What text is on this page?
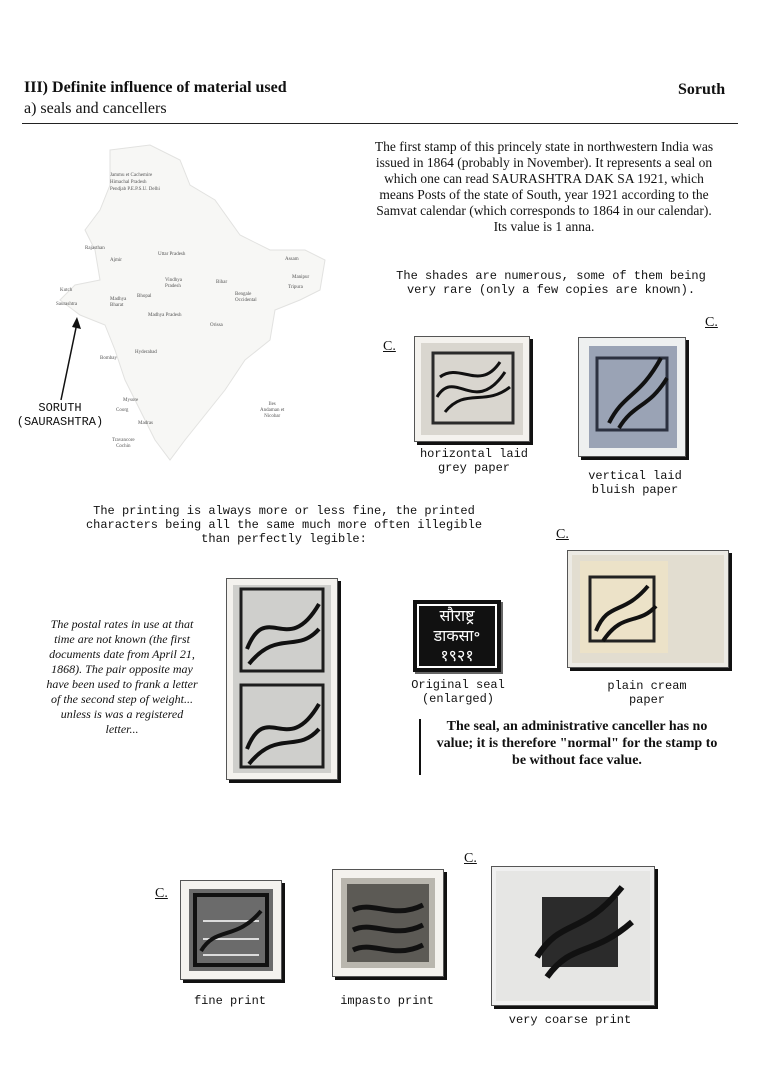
III) Definite influence of material used
a) seals and cancellers
Soruth
Jammu et Cachemire
Himachal Pradesh
Pendjab P.E.P.S.U. Delhi
Rajasthan
Ajmir
Uttar Pradesh
Assam
Vindhya
Pradesh
Bhopal
Bihar
Manipur
Tripura
Kutch
Saurashtra
Madhya
Bharat
Bengale
Occidental
Madhya Pradesh
Orissa
Bombay
Hyderabad
Mysore
Coorg
Madras
Travancore
Cochin
Iles
Andaman et
Nicobar
SORUTH
(SAURASHTRA)
The first stamp of this princely state in northwestern India was issued in 1864 (probably in November). It represents a seal on which one can read SAURASHTRA DAK SA 1921, which means Posts of the state of South, year 1921 according to the Samvat calendar (which corresponds to 1864 in our calendar). Its value is 1 anna.
The shades are numerous, some of them being very rare (only a few copies are known).
C.
horizontal laid
grey paper
C.
vertical laid
bluish paper
The printing is always more or less fine, the printed characters being all the same much more often illegible than perfectly legible:
The postal rates in use at that time are not known (the first documents date from April 21, 1868). The pair opposite may have been used to frank a letter of the second step of weight... unless is was a registered letter...
सौराष्ट्र
डाकसा॰
१९२१
Original seal
(enlarged)
C.
plain cream
paper
The seal, an administrative canceller has no value; it is therefore "normal" for the stamp to be without face value.
C.
fine print	impasto print
C.
very coarse print
